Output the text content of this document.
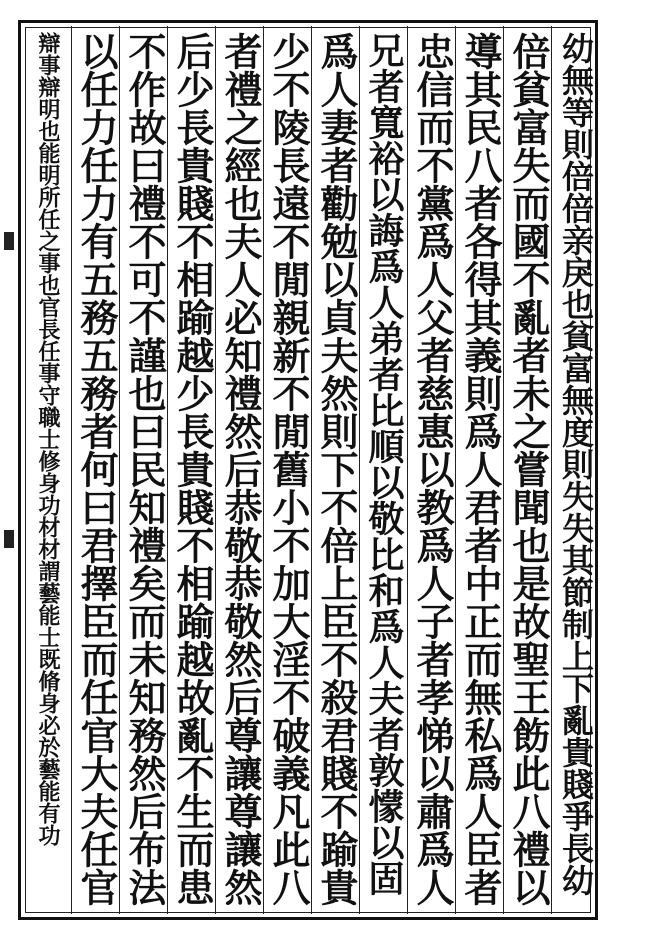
幼無等則倍倍亲戾也貧富無度則失失其節制上下亂貴賤爭長幼
倍貧富失而國不亂者未之嘗聞也是故聖王飭此八禮以
導其民八者各得其義則爲人君者中正而無私爲人臣者
忠信而不黨爲人父者慈惠以教爲人子者孝悌以肅爲人
兄者寬裕以誨爲人弟者比順以敬比和爲人夫者敦懞以固
爲人妻者勸勉以貞夫然則下不倍上臣不殺君賤不踰貴
少不陵長遠不閒親新不閒舊小不加大淫不破義凡此八
者禮之經也夫人必知禮然后恭敬恭敬然后尊讓尊讓然
后少長貴賤不相踰越少長貴賤不相踰越故亂不生而患
不作故曰禮不可不謹也曰民知禮矣而未知務然后布法
以任力任力有五務五務者何曰君擇臣而任官大夫任官
辯事辯明也能明所任之事也官長任事守職士修身功材材謂藝能士既脩身必於藝能有功
